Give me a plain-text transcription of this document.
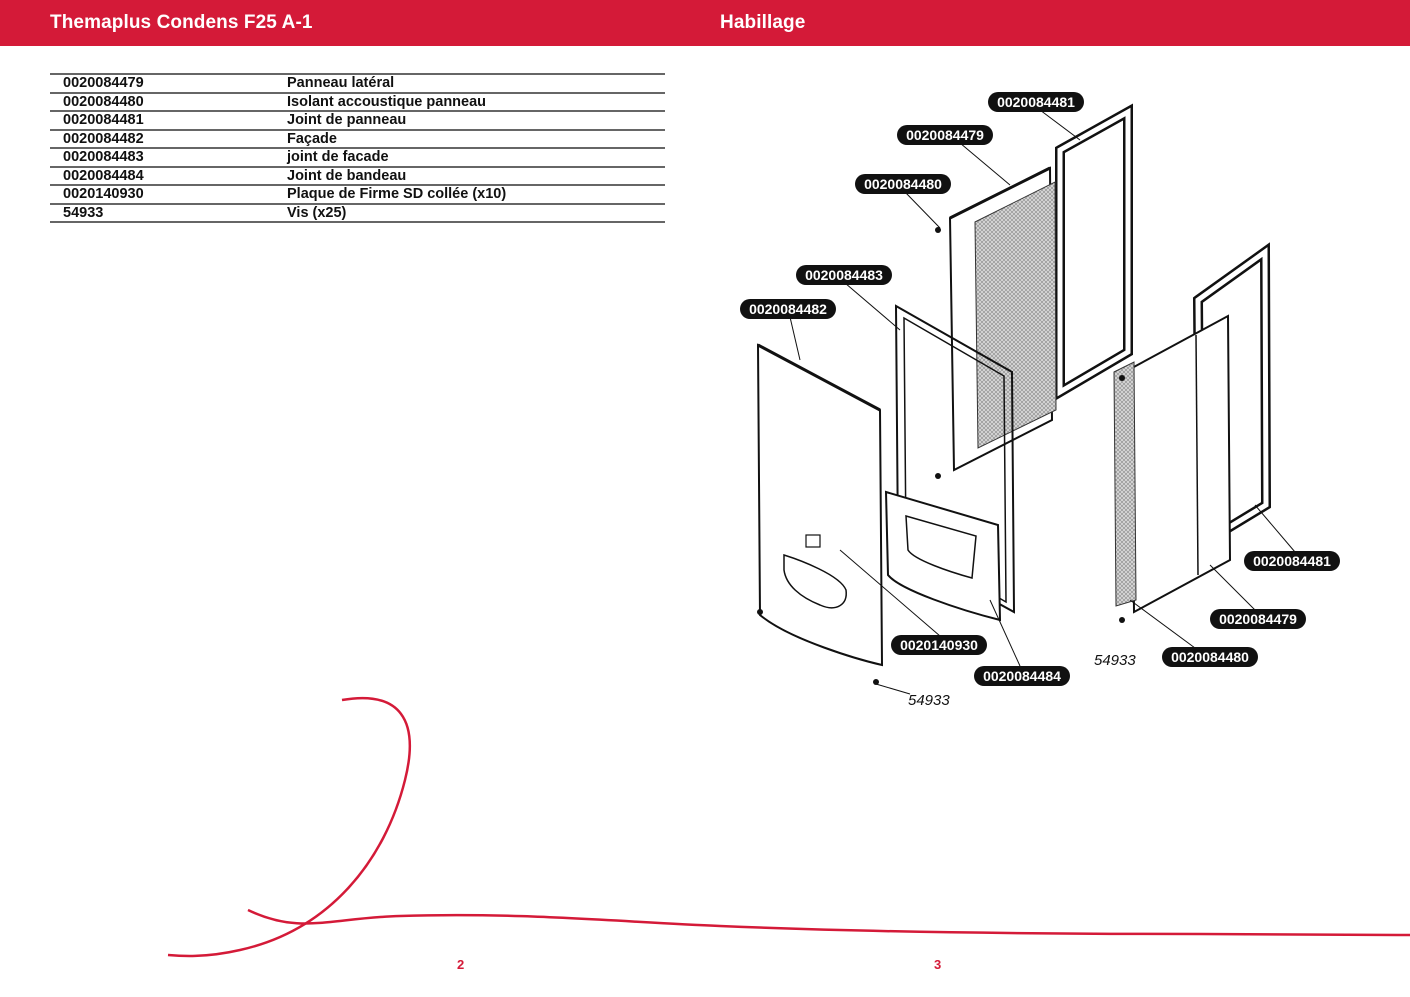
Themaplus Condens F25 A-1	Habillage
0020084479	Panneau latéral
0020084480	Isolant accoustique panneau
0020084481	Joint de panneau
0020084482	Façade
0020084483	joint de facade
0020084484	Joint de bandeau
0020140930	Plaque de Firme SD collée (x10)
54933	Vis (x25)
0020084481
0020084479
0020084480
0020084483
0020084482
0020084481
0020084479
0020084480
0020140930
0020084484
54933
54933
2	3
